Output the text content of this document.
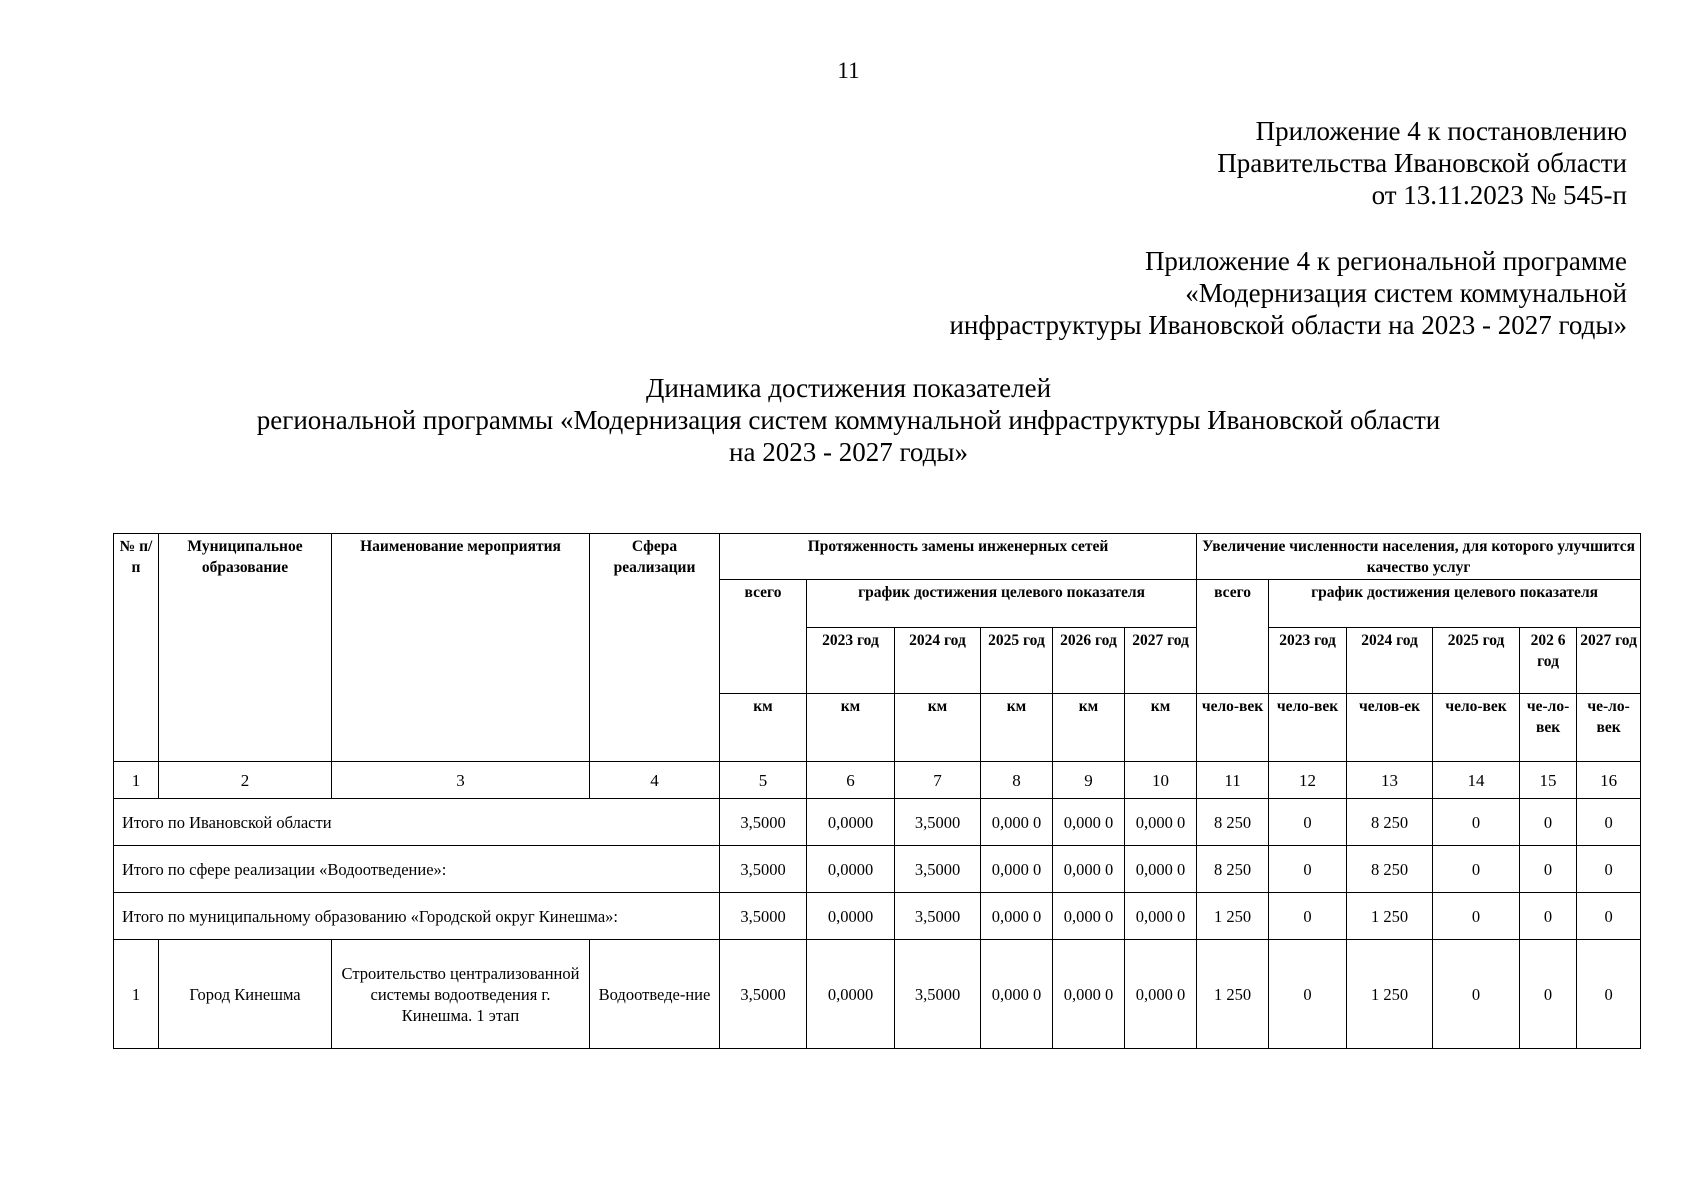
11
Приложение 4 к постановлению
Правительства Ивановской области
от 13.11.2023 № 545-п
Приложение 4 к региональной программе
«Модернизация систем коммунальной
инфраструктуры Ивановской области на 2023 - 2027 годы»
Динамика достижения показателей
региональной программы «Модернизация систем коммунальной инфраструктуры Ивановской области
на 2023 - 2027 годы»
№ п/п	Муниципальное образование	Наименование мероприятия	Сфера реализации	Протяженность замены инженерных сетей						Увеличение численности населения, для которого улучшится качество услуг					
				всего	график достижения целевого показателя					всего	график достижения целевого показателя				
					2023 год	2024 год	2025 год	2026 год	2027 год		2023 год	2024 год	2025 год	202 6 год	2027 год
				км	км	км	км	км	км	чело-век	чело-век	челов-ек	чело-век	че-ло-век	че-ло-век
1	2	3	4	5	6	7	8	9	10	11	12	13	14	15	16
Итого по Ивановской области				3,5000	0,0000	3,5000	0,000 0	0,000 0	0,000 0	8 250	0	8 250	0	0	0
Итого по сфере реализации «Водоотведение»:				3,5000	0,0000	3,5000	0,000 0	0,000 0	0,000 0	8 250	0	8 250	0	0	0
Итого по муниципальному образованию «Городской округ Кинешма»:				3,5000	0,0000	3,5000	0,000 0	0,000 0	0,000 0	1 250	0	1 250	0	0	0
1	Город Кинешма	Строительство централизованной системы водоотведения г. Кинешма. 1 этап	Водоотведе-ние	3,5000	0,0000	3,5000	0,000 0	0,000 0	0,000 0	1 250	0	1 250	0	0	0
